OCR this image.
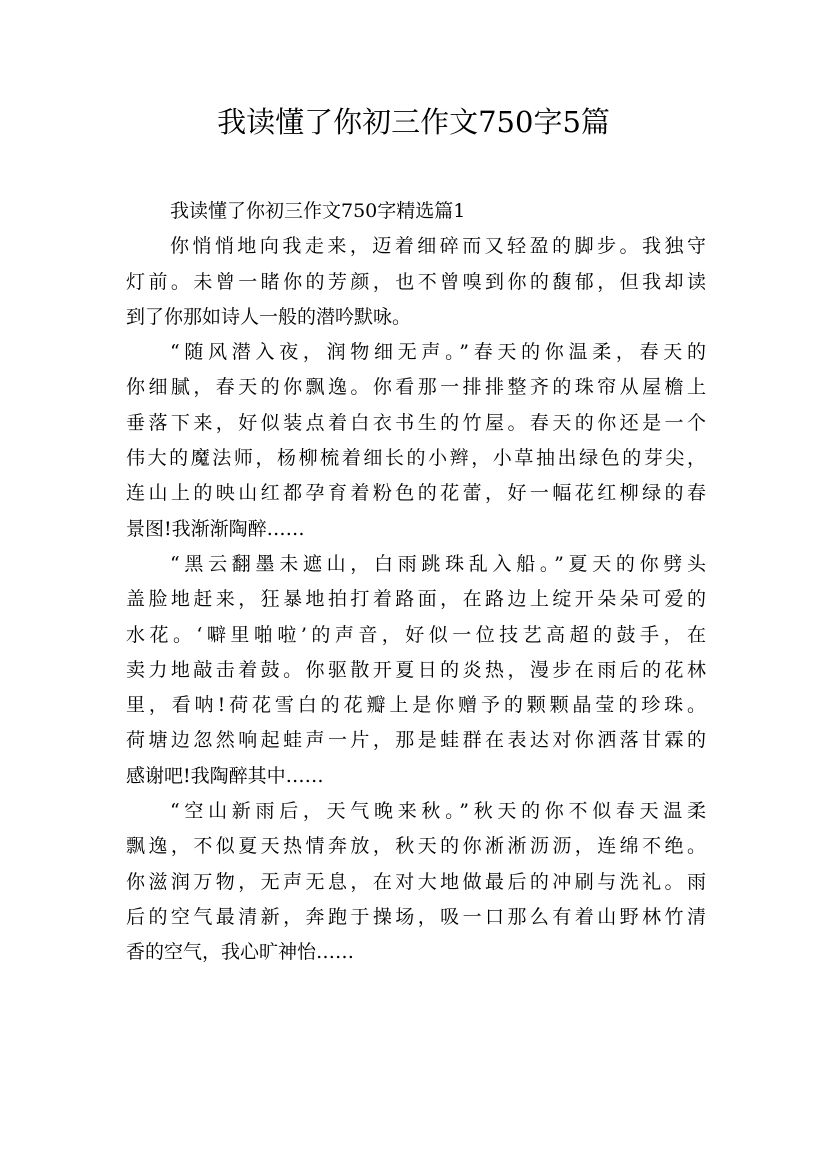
我读懂了你初三作文750字5篇
我读懂了你初三作文750字精选篇1
你悄悄地向我走来，迈着细碎而又轻盈的脚步。我独守
灯前。未曾一睹你的芳颜，也不曾嗅到你的馥郁，但我却读
到了你那如诗人一般的潜吟默咏。
“随风潜入夜，润物细无声。”春天的你温柔，春天的
你细腻，春天的你飘逸。你看那一排排整齐的珠帘从屋檐上
垂落下来，好似装点着白衣书生的竹屋。春天的你还是一个
伟大的魔法师，杨柳梳着细长的小辫，小草抽出绿色的芽尖，
连山上的映山红都孕育着粉色的花蕾，好一幅花红柳绿的春
景图!我渐渐陶醉……
“黑云翻墨未遮山，白雨跳珠乱入船。”夏天的你劈头
盖脸地赶来，狂暴地拍打着路面，在路边上绽开朵朵可爱的
水花。‘噼里啪啦’的声音，好似一位技艺高超的鼓手，在
卖力地敲击着鼓。你驱散开夏日的炎热，漫步在雨后的花林
里，看呐!荷花雪白的花瓣上是你赠予的颗颗晶莹的珍珠。
荷塘边忽然响起蛙声一片，那是蛙群在表达对你洒落甘霖的
感谢吧!我陶醉其中……
“空山新雨后，天气晚来秋。”秋天的你不似春天温柔
飘逸，不似夏天热情奔放，秋天的你淅淅沥沥，连绵不绝。
你滋润万物，无声无息，在对大地做最后的冲刷与洗礼。雨
后的空气最清新，奔跑于操场，吸一口那么有着山野林竹清
香的空气，我心旷神怡……
